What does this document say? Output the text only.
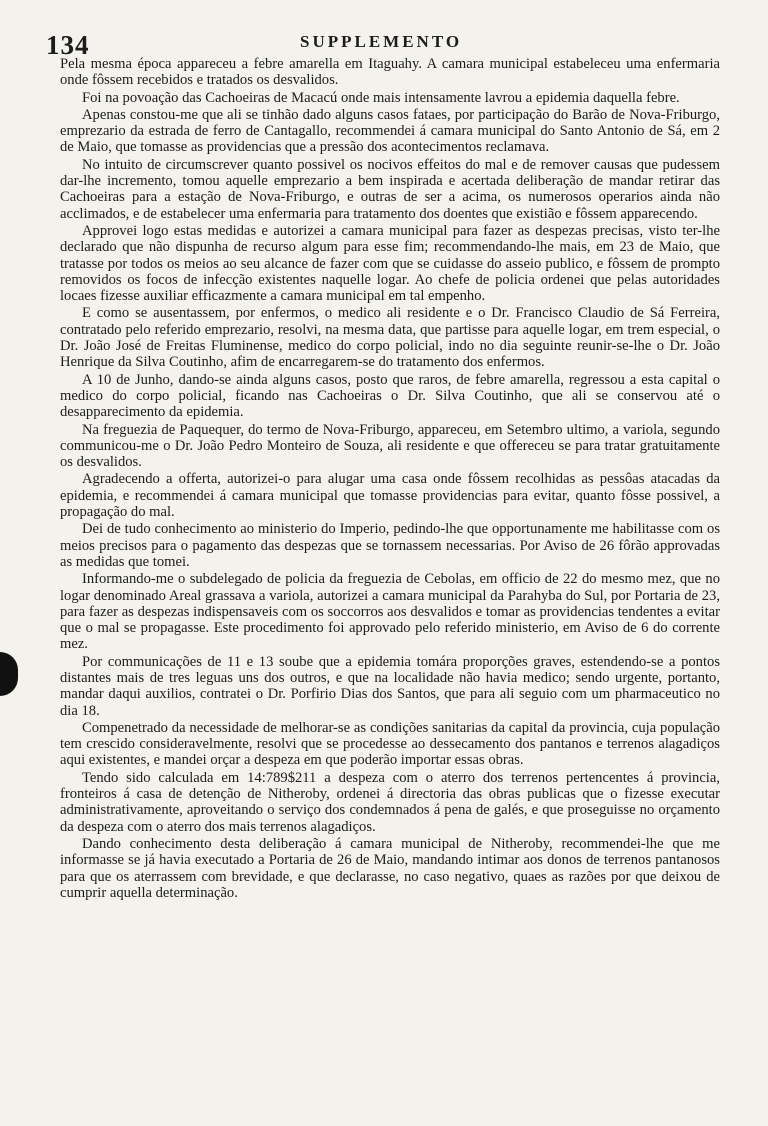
134	SUPPLEMENTO

Pela mesma época appareceu a febre amarella em Itaguahy. A camara municipal estabeleceu uma enfermaria onde fôssem recebidos e tratados os desvalidos.

Foi na povoação das Cachoeiras de Macacú onde mais intensamente lavrou a epidemia daquella febre.

Apenas constou-me que ali se tinhão dado alguns casos fataes, por participação do Barão de Nova-Friburgo, emprezario da estrada de ferro de Cantagallo, recommendei á camara municipal do Santo Antonio de Sá, em 2 de Maio, que tomasse as providencias que a pressão dos acontecimentos reclamava.

No intuito de circumscrever quanto possivel os nocivos effeitos do mal e de remover causas que pudessem dar-lhe incremento, tomou aquelle emprezario a bem inspirada e acertada deliberação de mandar retirar das Cachoeiras para a estação de Nova-Friburgo, e outras de ser a acima, os numerosos operarios ainda não acclimados, e de estabelecer uma enfermaria para tratamento dos doentes que existião e fôssem apparecendo.

Approvei logo estas medidas e autorizei a camara municipal para fazer as despezas precisas, visto ter-lhe declarado que não dispunha de recurso algum para esse fim; recommendando-lhe mais, em 23 de Maio, que tratasse por todos os meios ao seu alcance de fazer com que se cuidasse do asseio publico, e fôssem de prompto removidos os focos de infecção existentes naquelle logar. Ao chefe de policia ordenei que pelas autoridades locaes fizesse auxiliar efficazmente a camara municipal em tal empenho.

E como se ausentassem, por enfermos, o medico ali residente e o Dr. Francisco Claudio de Sá Ferreira, contratado pelo referido emprezario, resolvi, na mesma data, que partisse para aquelle logar, em trem especial, o Dr. João José de Freitas Fluminense, medico do corpo policial, indo no dia seguinte reunir-se-lhe o Dr. João Henrique da Silva Coutinho, afim de encarregarem-se do tratamento dos enfermos.

A 10 de Junho, dando-se ainda alguns casos, posto que raros, de febre amarella, regressou a esta capital o medico do corpo policial, ficando nas Cachoeiras o Dr. Silva Coutinho, que ali se conservou até o desapparecimento da epidemia.

Na freguezia de Paquequer, do termo de Nova-Friburgo, appareceu, em Setembro ultimo, a variola, segundo communicou-me o Dr. João Pedro Monteiro de Souza, ali residente e que offereceu se para tratar gratuitamente os desvalidos.

Agradecendo a offerta, autorizei-o para alugar uma casa onde fôssem recolhidas as pessôas atacadas da epidemia, e recommendei á camara municipal que tomasse providencias para evitar, quanto fôsse possivel, a propagação do mal.

Dei de tudo conhecimento ao ministerio do Imperio, pedindo-lhe que opportunamente me habilitasse com os meios precisos para o pagamento das despezas que se tornassem necessarias. Por Aviso de 26 fôrão approvadas as medidas que tomei.

Informando-me o subdelegado de policia da freguezia de Cebolas, em officio de 22 do mesmo mez, que no logar denominado Areal grassava a variola, autorizei a camara municipal da Parahyba do Sul, por Portaria de 23, para fazer as despezas indispensaveis com os soccorros aos desvalidos e tomar as providencias tendentes a evitar que o mal se propagasse. Este procedimento foi approvado pelo referido ministerio, em Aviso de 6 do corrente mez.

Por communicações de 11 e 13 soube que a epidemia tomára proporções graves, estendendo-se a pontos distantes mais de tres leguas uns dos outros, e que na localidade não havia medico; sendo urgente, portanto, mandar daqui auxilios, contratei o Dr. Porfirio Dias dos Santos, que para ali seguio com um pharmaceutico no dia 18.

Compenetrado da necessidade de melhorar-se as condições sanitarias da capital da provincia, cuja população tem crescido consideravelmente, resolvi que se procedesse ao dessecamento dos pantanos e terrenos alagadiços aqui existentes, e mandei orçar a despeza em que poderão importar essas obras.

Tendo sido calculada em 14:789$211 a despeza com o aterro dos terrenos pertencentes á provincia, fronteiros á casa de detenção de Nitheroby, ordenei á directoria das obras publicas que o fizesse executar administrativamente, aproveitando o serviço dos condemnados á pena de galés, e que proseguisse no orçamento da despeza com o aterro dos mais terrenos alagadiços.

Dando conhecimento desta deliberação á camara municipal de Nitheroby, recommendei-lhe que me informasse se já havia executado a Portaria de 26 de Maio, mandando intimar aos donos de terrenos pantanosos para que os aterrassem com brevidade, e que declarasse, no caso negativo, quaes as razões por que deixou de cumprir aquella determinação.
